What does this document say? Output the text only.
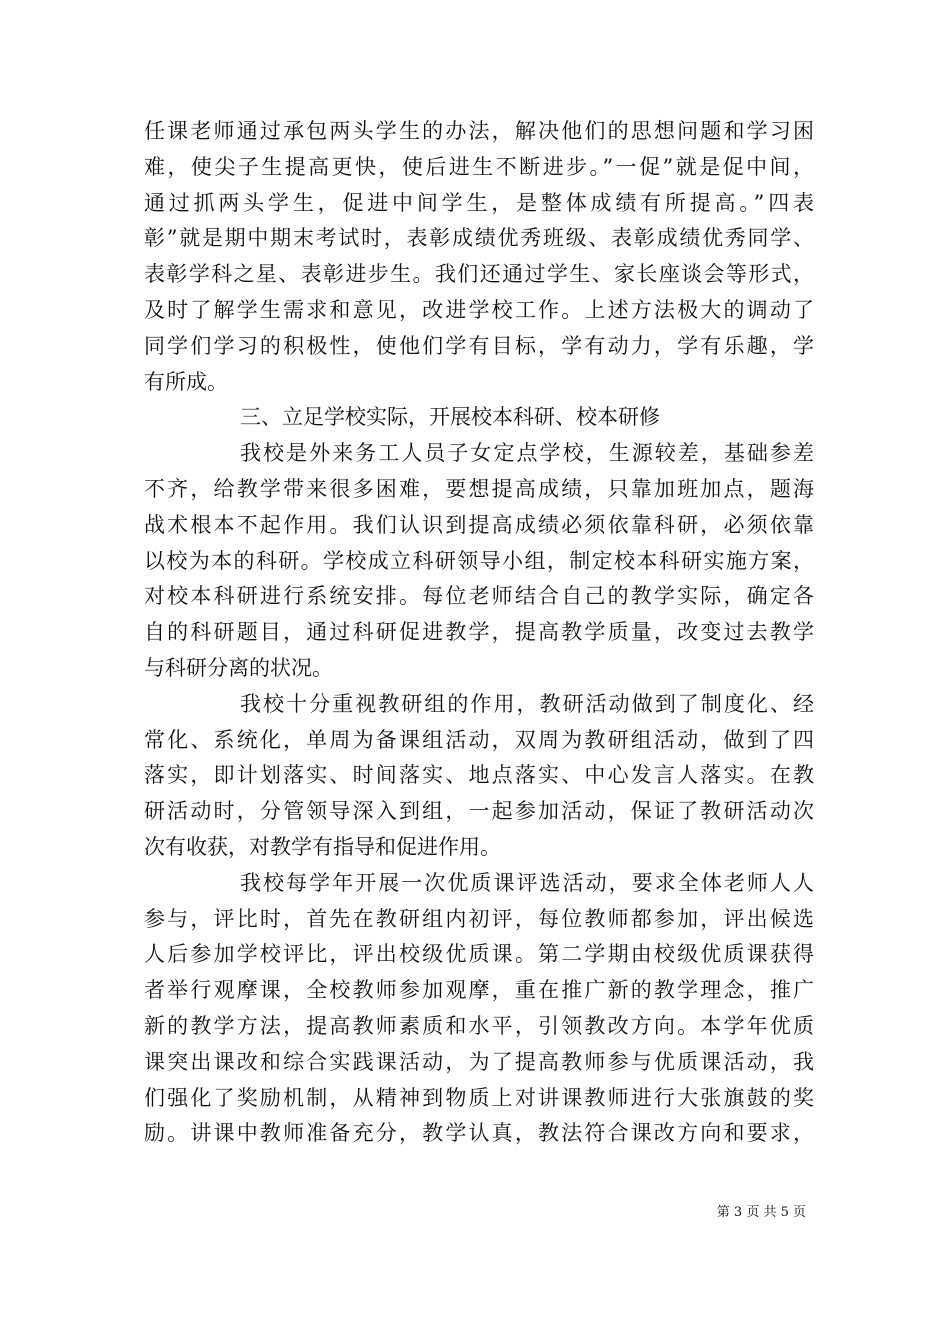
任课老师通过承包两头学生的办法，解决他们的思想问题和学习困
难，使尖子生提高更快，使后进生不断进步。”一促”就是促中间，
通过抓两头学生，促进中间学生，是整体成绩有所提高。”四表
彰”就是期中期末考试时，表彰成绩优秀班级、表彰成绩优秀同学、
表彰学科之星、表彰进步生。我们还通过学生、家长座谈会等形式，
及时了解学生需求和意见，改进学校工作。上述方法极大的调动了
同学们学习的积极性，使他们学有目标，学有动力，学有乐趣，学
有所成。
三、立足学校实际，开展校本科研、校本研修
我校是外来务工人员子女定点学校，生源较差，基础参差
不齐，给教学带来很多困难，要想提高成绩，只靠加班加点，题海
战术根本不起作用。我们认识到提高成绩必须依靠科研，必须依靠
以校为本的科研。学校成立科研领导小组，制定校本科研实施方案，
对校本科研进行系统安排。每位老师结合自己的教学实际，确定各
自的科研题目，通过科研促进教学，提高教学质量，改变过去教学
与科研分离的状况。
我校十分重视教研组的作用，教研活动做到了制度化、经
常化、系统化，单周为备课组活动，双周为教研组活动，做到了四
落实，即计划落实、时间落实、地点落实、中心发言人落实。在教
研活动时，分管领导深入到组，一起参加活动，保证了教研活动次
次有收获，对教学有指导和促进作用。
我校每学年开展一次优质课评选活动，要求全体老师人人
参与，评比时，首先在教研组内初评，每位教师都参加，评出候选
人后参加学校评比，评出校级优质课。第二学期由校级优质课获得
者举行观摩课，全校教师参加观摩，重在推广新的教学理念，推广
新的教学方法，提高教师素质和水平，引领教改方向。本学年优质
课突出课改和综合实践课活动，为了提高教师参与优质课活动，我
们强化了奖励机制，从精神到物质上对讲课教师进行大张旗鼓的奖
励。讲课中教师准备充分，教学认真，教法符合课改方向和要求，
第 3 页 共 5 页
